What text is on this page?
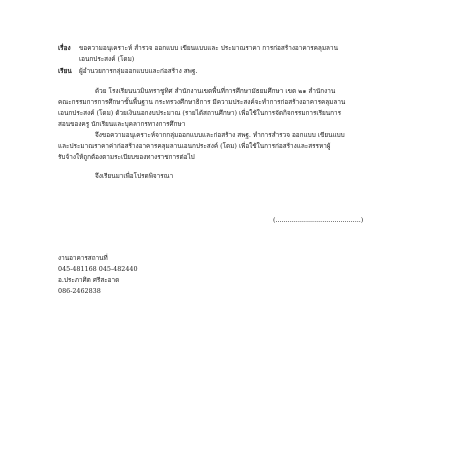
เรื่อง ขอความอนุเคราะห์ สำรวจ ออกแบบ เขียนแบบและ ประมาณราคา การก่อสร้างอาคารคลุมลาน
เอนกประสงค์ (โดม)
เรียน ผู้อำนวยการกลุ่มออกแบบและก่อสร้าง สพฐ.
ด้วย โรงเรียนนวมินทราชูทิศ สำนักงานเขตพื้นที่การศึกษามัธยมศึกษา เขต ๒๑ สำนักงาน
คณะกรรมการการศึกษาขั้นพื้นฐาน กระทรวงศึกษาธิการ มีความประสงค์จะทำการก่อสร้างอาคารคลุมลาน
เอนกประสงค์ (โดม) ด้วยเงินนอกงบประมาณ (รายได้สถานศึกษา) เพื่อใช้ในการจัดกิจกรรมการเรียนการ
สอนของครู นักเรียนและบุคลากรทางการศึกษา
จึงขอความอนุเคราะห์จากกลุ่มออกแบบและก่อสร้าง สพฐ. ทำการสำรวจ ออกแบบ เขียนแบบ
และประมาณราคาค่าก่อสร้างอาคารคลุมลานเอนกประสงค์ (โดม) เพื่อใช้ในการก่อสร้างและสรรหาผู้
รับจ้างให้ถูกต้องตามระเบียบของทางราชการต่อไป
จึงเรียนมาเพื่อโปรดพิจารณา
(..........................................)
งานอาคารสถานที่
045-481168 045-482440
อ.ประภาศิต ศรีสะอาด
086-2462838
